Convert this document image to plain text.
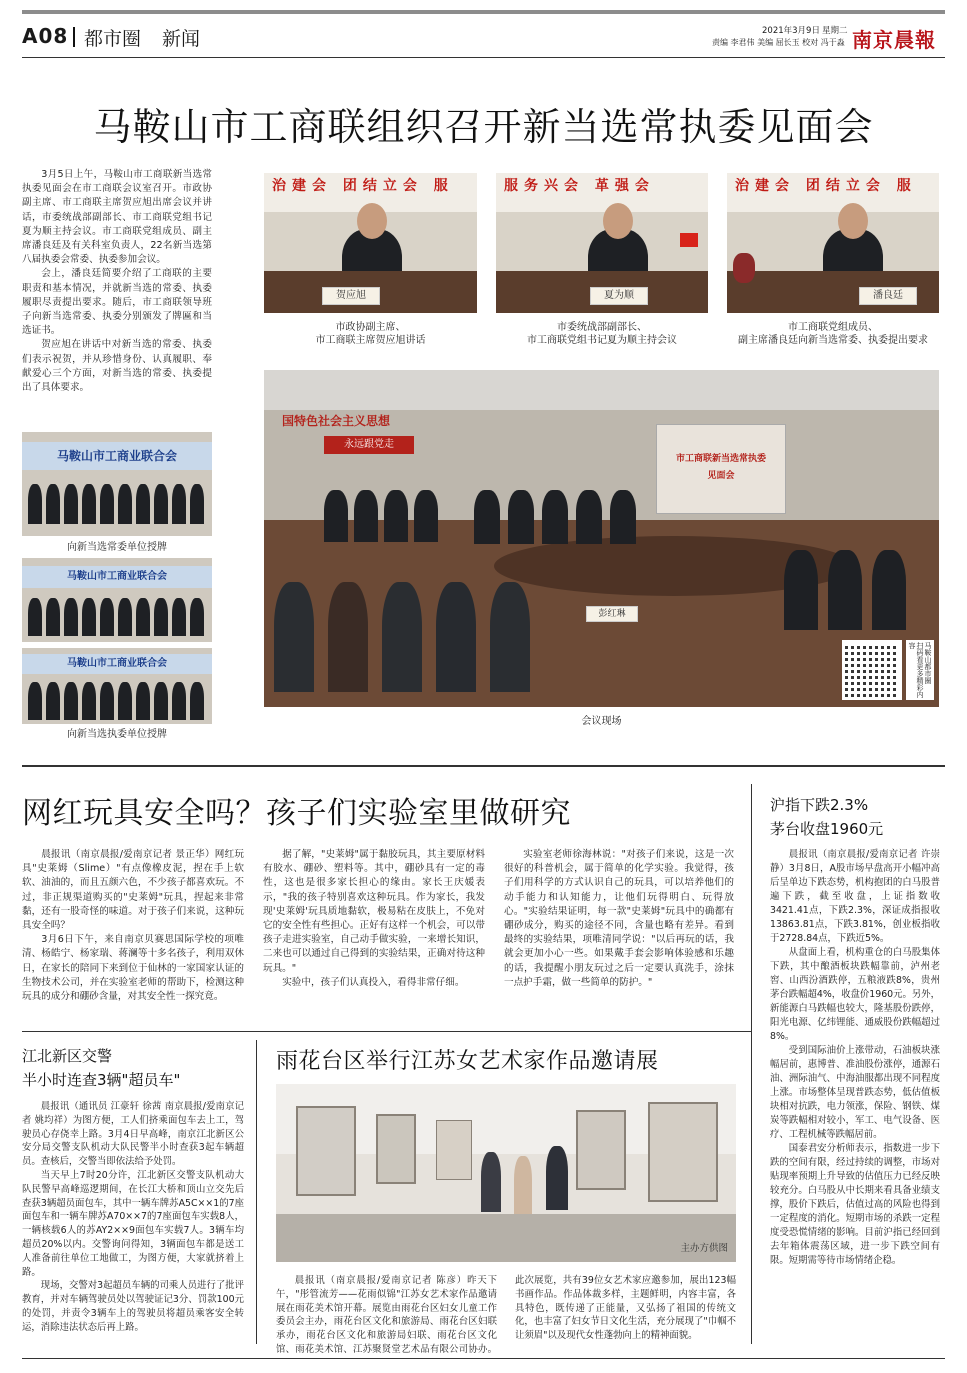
A08 都市圈 新闻	2021年3月9日 星期二
责编 李君伟 美编 屈长玉 校对 冯于淼 南京晨報
马鞍山市工商联组织召开新当选常执委见面会

3月5日上午，马鞍山市工商联新当选常执委见面会在市工商联会议室召开。市政协副主席、市工商联主席贺应旭出席会议并讲话，市委统战部副部长、市工商联党组书记夏为顺主持会议。市工商联党组成员、副主席潘良廷及有关科室负责人，22名新当选第八届执委会常委、执委参加会议。

会上，潘良廷简要介绍了工商联的主要职责和基本情况，并就新当选的常委、执委履职尽责提出要求。随后，市工商联领导班子向新当选常委、执委分别颁发了牌匾和当选证书。

贺应旭在讲话中对新当选的常委、执委们表示祝贺，并从珍惜身份、认真履职、奉献爱心三个方面，对新当选的常委、执委提出了具体要求。

马鞍山市工商业联合会
向新当选常委单位授牌
马鞍山市工商业联合会
马鞍山市工商业联合会
向新当选执委单位授牌
治建会 团结立会 服
贺应旭
市政协副主席、
市工商联主席贺应旭讲话
服务兴会 革强会
夏为顺
市委统战部副部长、
市工商联党组书记夏为顺主持会议
治建会 团结立会 服
潘良廷
市工商联党组成员、
副主席潘良廷向新当选常委、执委提出要求
国特色社会主义思想
永远跟党走
市工商联新当选常执委
见面会
彭红琳
马鞍山都市圈 扫码看更多精彩内容
会议现场
网红玩具安全吗？孩子们实验室里做研究

晨报讯（南京晨报/爱南京记者 景正华）网红玩具"史莱姆（Slime）"有点像橡皮泥，捏在手上软软、油油的，而且五颜六色，不少孩子都喜欢玩。不过，非正规渠道购买的"史莱姆"玩具，捏起来非常黏，还有一股奇怪的味道。对于孩子们来说，这种玩具安全吗？

3月6日下午，来自南京贝赛思国际学校的项唯清、杨皓宁、杨家瑞、蒋澜等十多名孩子，利用双休日，在家长的陪同下来到位于仙林的一家国家认证的生物技术公司，并在实验室老师的帮助下，检测这种玩具的成分和硼砂含量，对其安全性一探究竟。

据了解，"史莱姆"属于黏胶玩具，其主要原材料有胶水、硼砂、塑料等。其中，硼砂具有一定的毒性，这也是很多家长担心的缘由。家长王庆媛表示，"我的孩子特别喜欢这种玩具。作为家长，我发现'史莱姆'玩具质地黏软，极易粘在皮肤上，不免对它的安全性有些担心。正好有这样一个机会，可以带孩子走进实验室，自己动手做实验，一来增长知识，二来也可以通过自己得到的实验结果，正确对待这种玩具。"

实验中，孩子们认真投入，看得非常仔细。

实验室老师徐海林说："对孩子们来说，这是一次很好的科普机会，属于简单的化学实验。我觉得，孩子们用科学的方式认识自己的玩具，可以培养他们的动手能力和认知能力，让他们玩得明白、玩得放心。"实验结果证明，每一款"史莱姆"玩具中的确都有硼砂成分，购买的途径不同，含量也略有差异。看到最终的实验结果，项唯清同学说："以后再玩的话，我就会更加小心一些。如果戴手套会影响体验感和乐趣的话，我提醒小朋友玩过之后一定要认真洗手，涂抹一点护手霜，做一些简单的防护。"

沪指下跌2.3%
茅台收盘1960元

晨报讯（南京晨报/爱南京记者 许崇静）3月8日，A股市场早盘高开小幅冲高后呈单边下跌态势，机构抱团的白马股普遍下跌，截至收盘，上证指数收3421.41点，下跌2.3%，深证成指报收13863.81点，下跌3.81%，创业板指收于2728.84点，下跌近5%。

从盘面上看，机构重仓的白马股集体下跌，其中酿酒板块跌幅靠前，泸州老窖、山西汾酒跌停，五粮液跌8%，贵州茅台跌幅超4%，收盘价1960元。另外，新能源白马跌幅也较大，隆基股份跌停，阳光电源、亿纬锂能、通威股份跌幅超过8%。

受到国际油价上涨带动，石油板块涨幅居前，惠博普、准油股份涨停，通源石油、洲际油气、中海油服都出现不同程度上涨。市场整体呈现普跌态势，低估值板块相对抗跌，电力领涨，保险、钢铁、煤炭等跌幅相对较小，军工、电气设备、医疗、工程机械等跌幅居前。

国泰君安分析师表示，指数进一步下跌的空间有限，经过持续的调整，市场对贴现率预期上升导致的估值压力已经反映较充分。白马股从中长期来看具备业绩支撑，股价下跌后，估值过高的风险也得到一定程度的消化。短期市场的杀跌一定程度受恐慌情绪的影响。目前沪指已经回到去年箱体震荡区域，进一步下跌空间有限。短期需等待市场情绪企稳。

江北新区交警
半小时连查3辆"超员车"

晨报讯（通讯员 江豪轩 徐茜 南京晨报/爱南京记者 姚均祥）为图方便，工人们挤乘面包车去上工，驾驶员心存侥幸上路。3月4日早高峰，南京江北新区公安分局交警支队机动大队民警半小时查获3起车辆超员。查核后，交警当即依法给予处罚。

当天早上7时20分许，江北新区交警支队机动大队民警早高峰巡逻期间，在长江大桥和顶山立交先后查获3辆超员面包车，其中一辆车牌苏A5C××1的7座面包车和一辆车牌苏A70××7的7座面包车实载8人，一辆核载6人的苏AY2××9面包车实载7人。3辆车均超员20%以内。交警询问得知，3辆面包车都是送工人准备前往单位工地做工，为图方便，大家就挤着上路。

现场，交警对3起超员车辆的司乘人员进行了批评教育，并对车辆驾驶员处以驾驶证记3分、罚款100元的处罚，并责令3辆车上的驾驶员将超员乘客安全转运，消除违法状态后再上路。

雨花台区举行江苏女艺术家作品邀请展
主办方供图

晨报讯（南京晨报/爱南京记者 陈彦）昨天下午，"彤管流芳——花雨似锦"江苏女艺术家作品邀请展在雨花美术馆开幕。展览由雨花台区妇女儿童工作委员会主办，雨花台区文化和旅游局、雨花台区妇联承办，雨花台区文化和旅游局妇联、雨花台区文化馆、雨花美术馆、江苏聚贤堂艺术品有限公司协办。此次展览，共有39位女艺术家应邀参加，展出123幅书画作品。作品体裁多样，主题鲜明，内容丰富，各具特色，既传递了正能量，又弘扬了祖国的传统文化，也丰富了妇女节日文化生活，充分展现了"巾帼不让须眉"以及现代女性蓬勃向上的精神面貌。
